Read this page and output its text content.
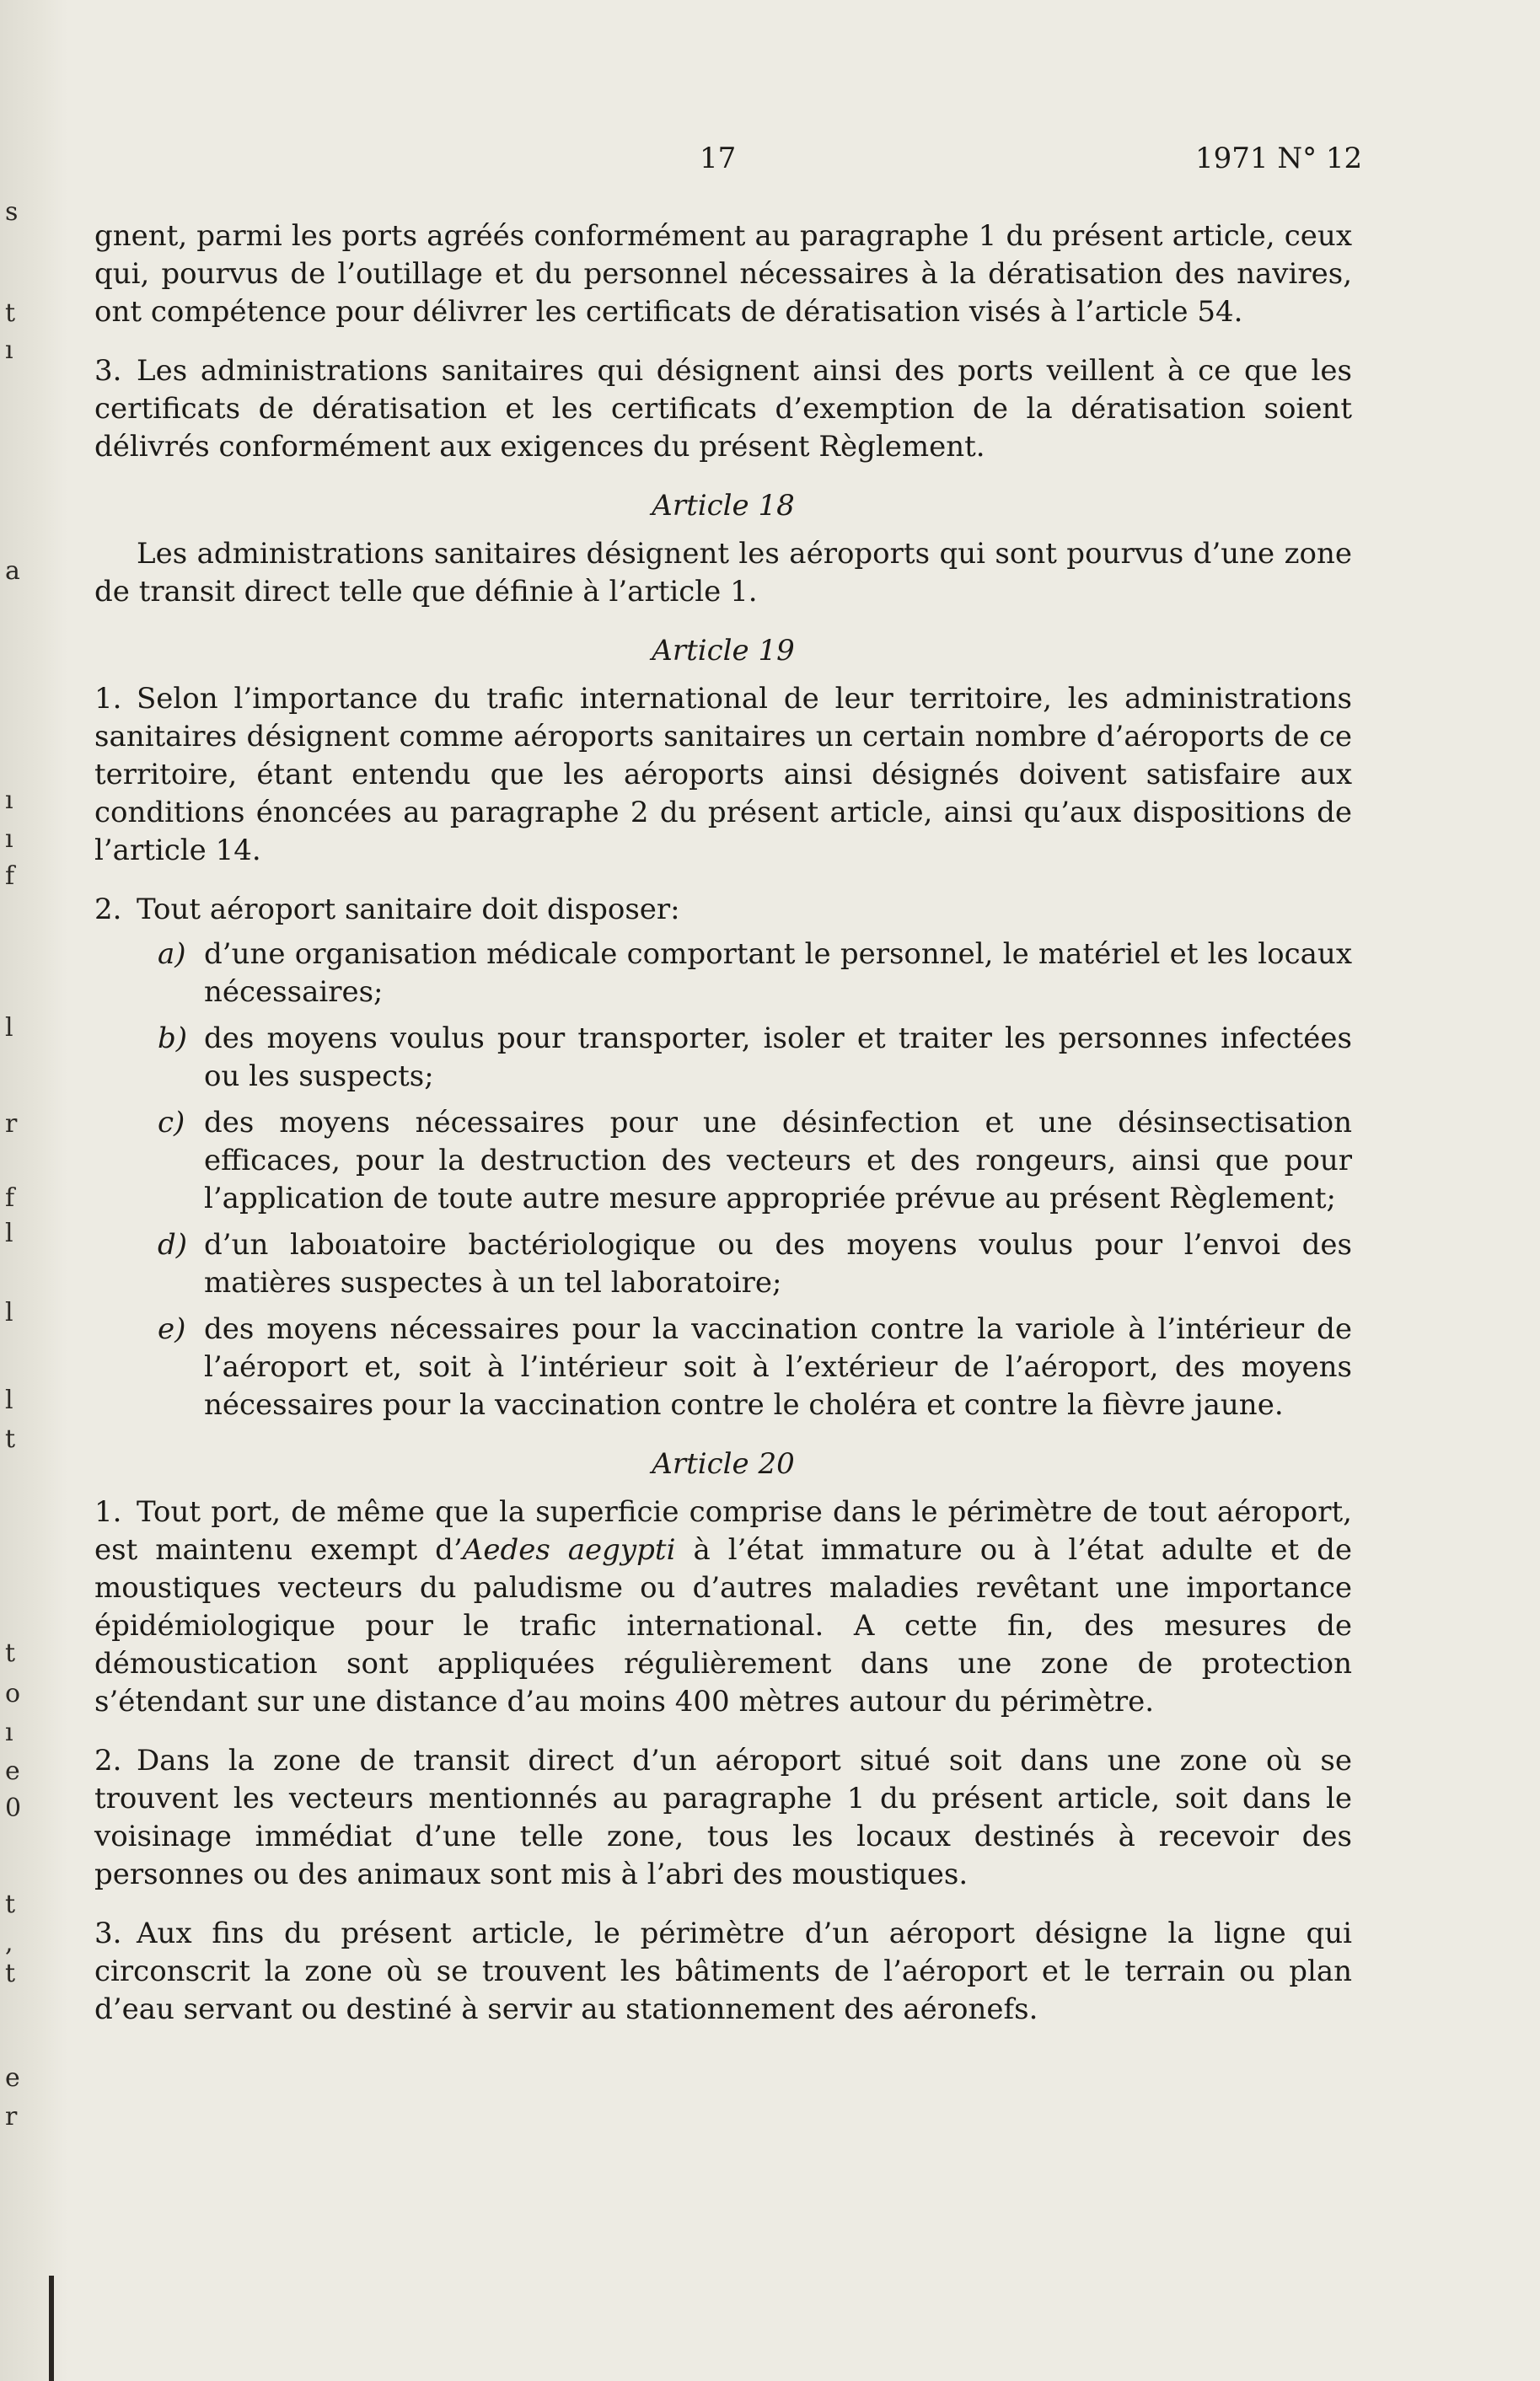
s
t
ı
a
ı
ı
f
l
r
f
l
l
l
t
t
o
ı
e
0
t
,
t
e
r
17	1971 N° 12

gnent, parmi les ports agréés conformément au paragraphe 1 du présent article, ceux qui, pourvus de l’outillage et du personnel nécessaires à la dératisation des navires, ont compétence pour délivrer les certificats de dératisation visés à l’article 54.

3. Les administrations sanitaires qui désignent ainsi des ports veillent à ce que les certificats de dératisation et les certificats d’exemption de la dératisation soient délivrés conformément aux exigences du présent Règlement.

Article 18

Les administrations sanitaires désignent les aéroports qui sont pourvus d’une zone de transit direct telle que définie à l’article 1.

Article 19

1. Selon l’importance du trafic international de leur territoire, les administrations sanitaires désignent comme aéroports sanitaires un certain nombre d’aéroports de ce territoire, étant entendu que les aéroports ainsi désignés doivent satisfaire aux conditions énoncées au paragraphe 2 du présent article, ainsi qu’aux dispositions de l’article 14.

2. Tout aéroport sanitaire doit disposer:

a) d’une organisation médicale comportant le personnel, le matériel et les locaux nécessaires;
b) des moyens voulus pour transporter, isoler et traiter les personnes infectées ou les suspects;
c) des moyens nécessaires pour une désinfection et une désinsectisation efficaces, pour la destruction des vecteurs et des rongeurs, ainsi que pour l’application de toute autre mesure appropriée prévue au présent Règlement;
d) d’un laboıatoire bactériologique ou des moyens voulus pour l’envoi des matières suspectes à un tel laboratoire;
e) des moyens nécessaires pour la vaccination contre la variole à l’intérieur de l’aéroport et, soit à l’intérieur soit à l’extérieur de l’aéroport, des moyens nécessaires pour la vaccination contre le choléra et contre la fièvre jaune.
Article 20

1. Tout port, de même que la superficie comprise dans le périmètre de tout aéroport, est maintenu exempt d’Aedes aegypti à l’état immature ou à l’état adulte et de moustiques vecteurs du paludisme ou d’autres maladies revêtant une importance épidémiologique pour le trafic international. A cette fin, des mesures de démoustication sont appliquées régulièrement dans une zone de protection s’étendant sur une distance d’au moins 400 mètres autour du périmètre.

2. Dans la zone de transit direct d’un aéroport situé soit dans une zone où se trouvent les vecteurs mentionnés au paragraphe 1 du présent article, soit dans le voisinage immédiat d’une telle zone, tous les locaux destinés à recevoir des personnes ou des animaux sont mis à l’abri des moustiques.

3. Aux fins du présent article, le périmètre d’un aéroport désigne la ligne qui circonscrit la zone où se trouvent les bâtiments de l’aéroport et le terrain ou plan d’eau servant ou destiné à servir au stationnement des aéronefs.
